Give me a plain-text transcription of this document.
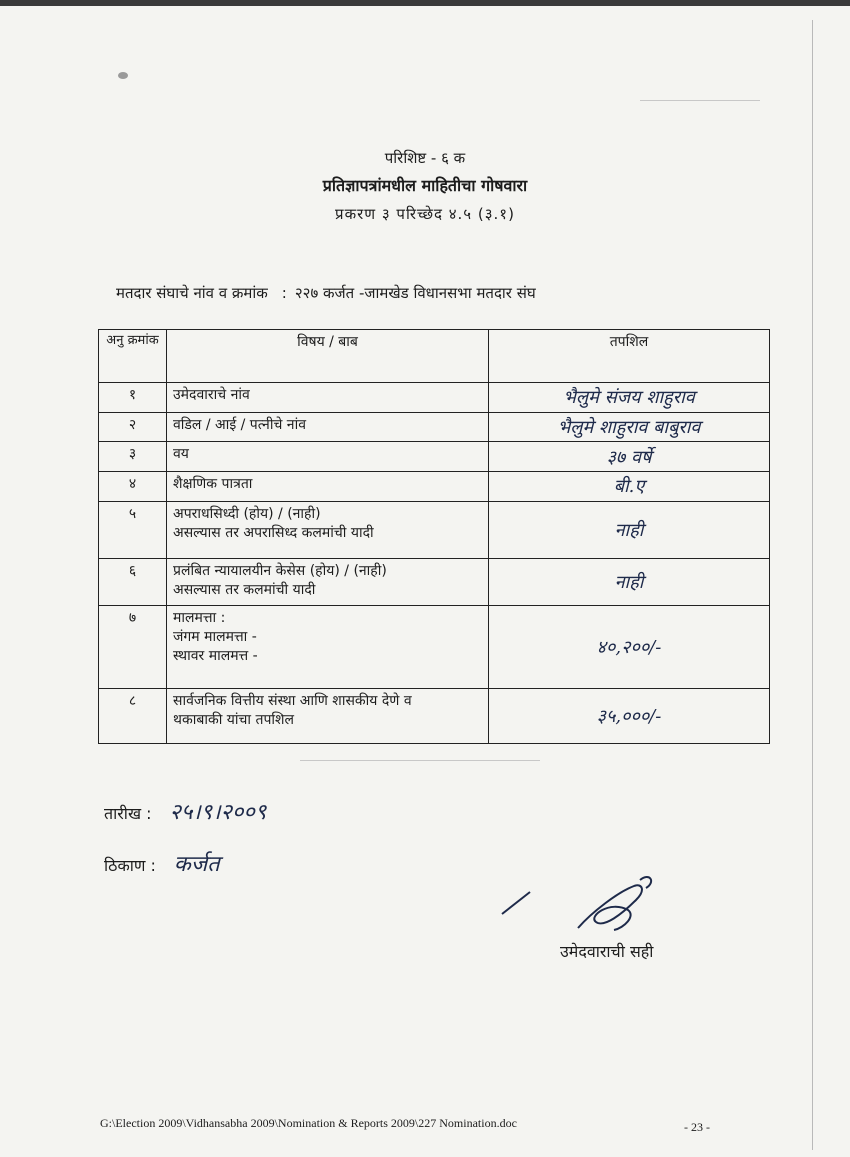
परिशिष्ट - ६ क
प्रतिज्ञापत्रांमधील माहितीचा गोषवारा
प्रकरण ३ परिच्छेद ४.५ (३.१)
मतदार संघाचे नांव व क्रमांक : २२७ कर्जत -जामखेड विधानसभा मतदार संघ
अनु क्रमांक	विषय / बाब	तपशिल
१	उमेदवाराचे नांव	भैलुमे संजय शाहुराव
२	वडिल / आई / पत्नीचे नांव	भैलुमे शाहुराव बाबुराव
३	वय	३७ वर्षे
४	शैक्षणिक पात्रता	बी.ए
५	अपराधसिध्दी (होय) / (नाही)
असल्यास तर अपरासिध्द कलमांची यादी	नाही
६	प्रलंबित न्यायालयीन केसेस (होय) / (नाही)
असल्यास तर कलमांची यादी	नाही
७	मालमत्ता :
जंगम मालमत्ता -
स्थावर मालमत्त -	४०,२००/-
८	सार्वजनिक वित्तीय संस्था आणि शासकीय देणे व
थकाबाकी यांचा तपशिल	३५,०००/-
तारीख : २५।९।२००९
ठिकाण : कर्जत
उमेदवाराची सही
G:\Election 2009\Vidhansabha 2009\Nomination & Reports 2009\227 Nomination.doc	- 23 -
